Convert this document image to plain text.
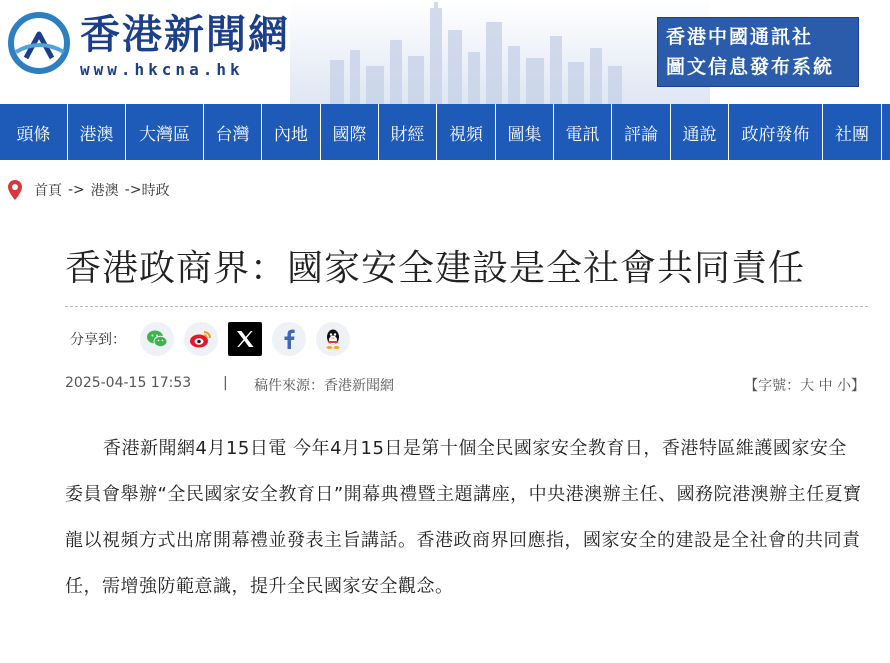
香港新聞網
www.hkcna.hk
香港中國通訊社
圖文信息發布系統
頭條	港澳	大灣區	台灣	內地	國際	財經	視頻	圖集	電訊	評論	通說	政府發佈	社團
首頁 -> 港澳 -> 時政
香港政商界：國家安全建設是全社會共同責任
分享到：
2025-04-15 17:53 | 稿件來源：香港新聞網	【字號：大 中 小】

香港新聞網4月15日電 今年4月15日是第十個全民國家安全教育日，香港特區維護國家安全委員會舉辦“全民國家安全教育日”開幕典禮暨主題講座，中央港澳辦主任、國務院港澳辦主任夏寶龍以視頻方式出席開幕禮並發表主旨講話。香港政商界回應指，國家安全的建設是全社會的共同責任，需增強防範意識，提升全民國家安全觀念。
